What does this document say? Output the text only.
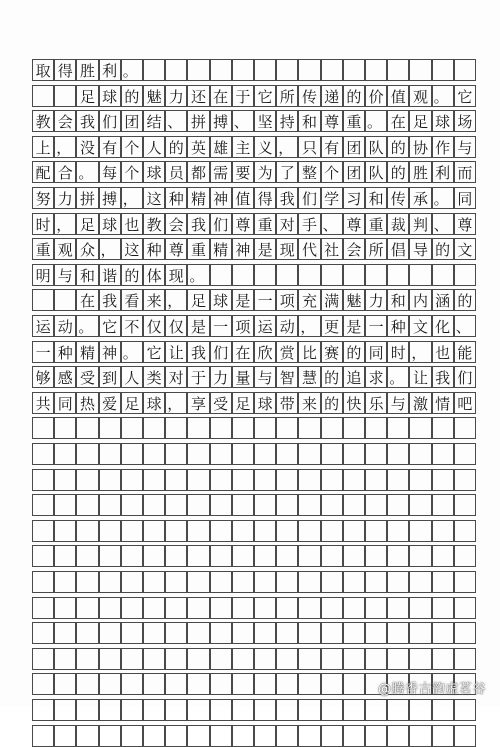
取 得 胜 利 。
足 球 的 魅 力 还 在 于 它 所 传 递 的 价 值 观 。 它
教 会 我 们 团 结 、 拼 搏 、 坚 持 和 尊 重 。 在 足 球 场
上 ， 没 有 个 人 的 英 雄 主 义 ， 只 有 团 队 的 协 作 与
配 合 。 每 个 球 员 都 需 要 为 了 整 个 团 队 的 胜 利 而
努 力 拼 搏 ， 这 种 精 神 值 得 我 们 学 习 和 传 承 。 同
时 ， 足 球 也 教 会 我 们 尊 重 对 手 、 尊 重 裁 判 、 尊
重 观 众 ， 这 种 尊 重 精 神 是 现 代 社 会 所 倡 导 的 文
明 与 和 谐 的 体 现 。
在 我 看 来 ， 足 球 是 一 项 充 满 魅 力 和 内 涵 的
运 动 。 它 不 仅 仅 是 一 项 运 动 ， 更 是 一 种 文 化 、
一 种 精 神 。 它 让 我 们 在 欣 赏 比 赛 的 同 时 ， 也 能
够 感 受 到 人 类 对 于 力 量 与 智 慧 的 追 求 。 让 我 们
共 同 热 爱 足 球 ， 享 受 足 球 带 来 的 快 乐 与 激 情 吧
@腾香古韵虚茗谷
